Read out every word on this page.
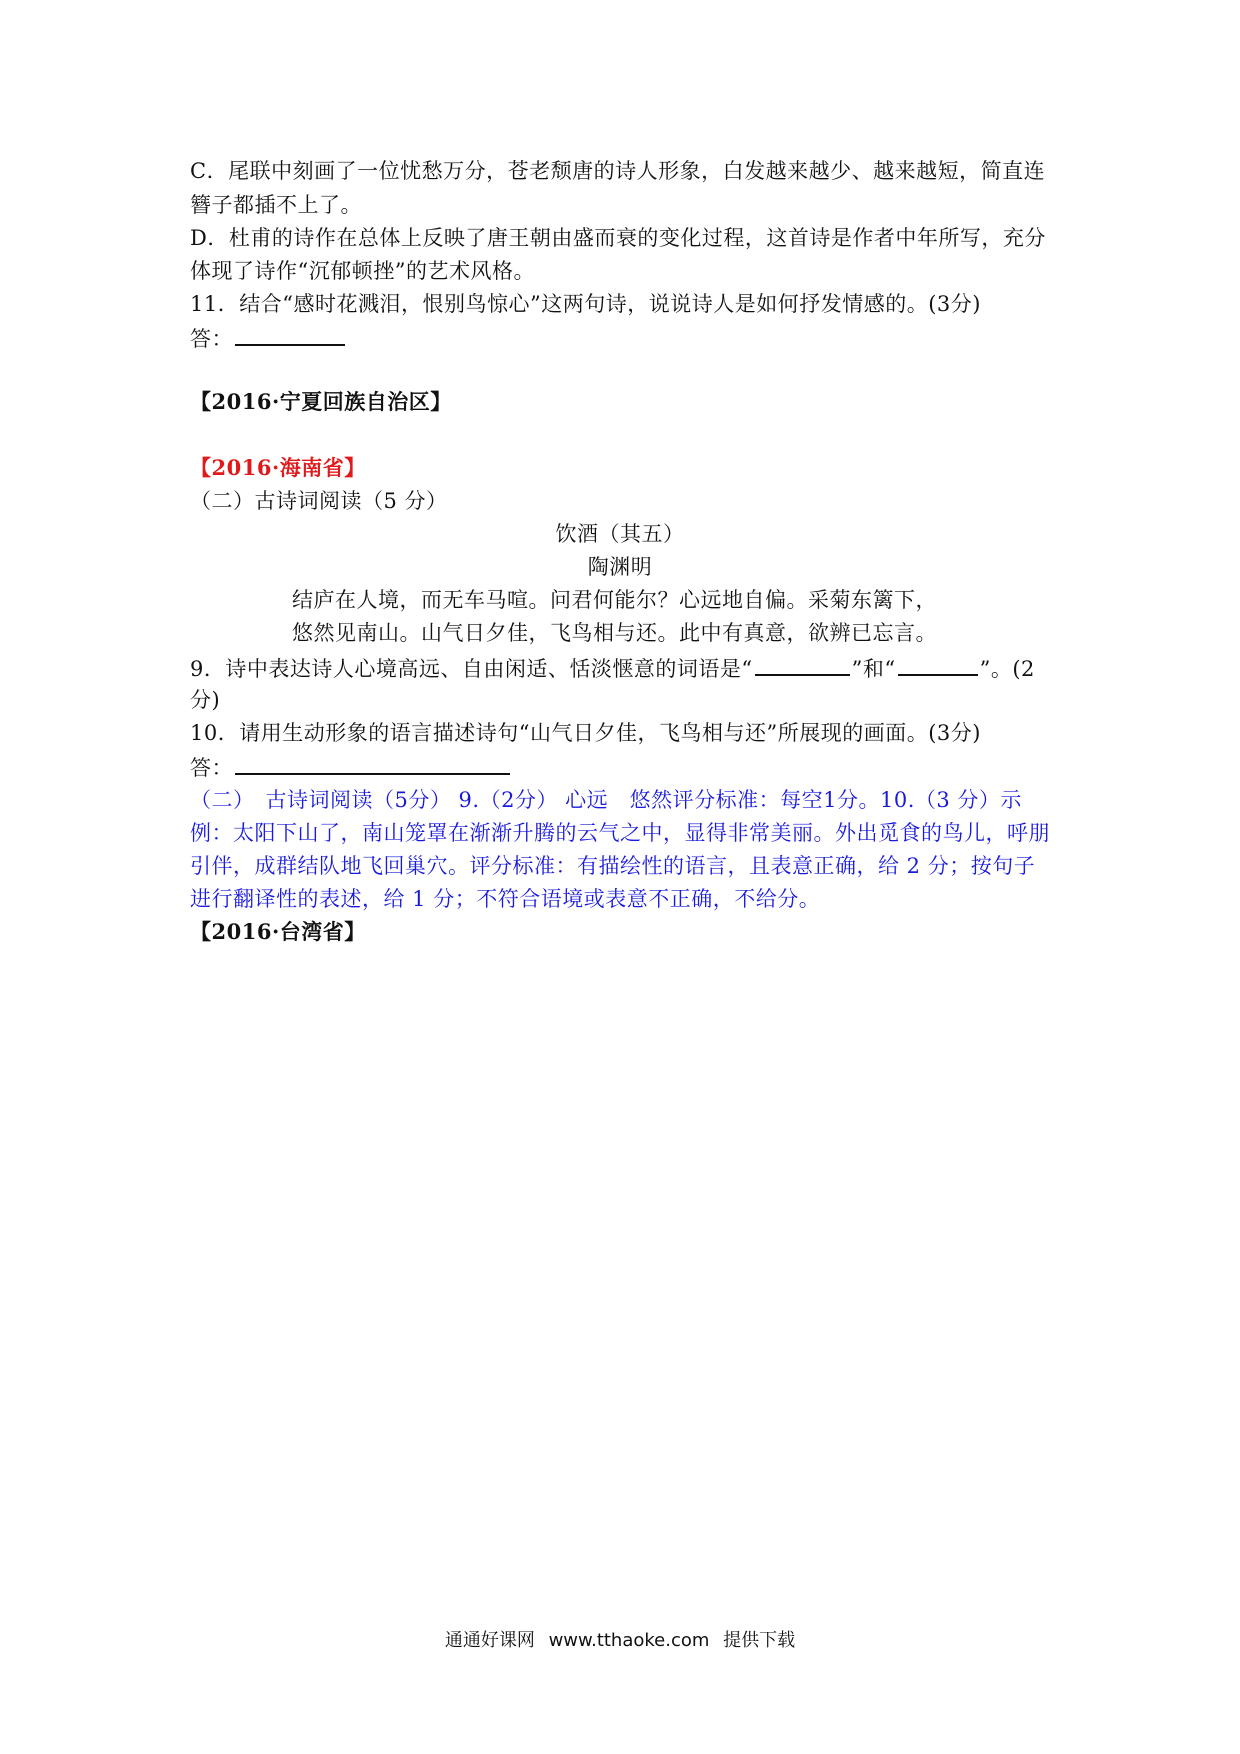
C．尾联中刻画了一位忧愁万分，苍老颓唐的诗人形象，白发越来越少、越来越短，简直连
簪子都插不上了。
D．杜甫的诗作在总体上反映了唐王朝由盛而衰的变化过程，这首诗是作者中年所写，充分
体现了诗作“沉郁顿挫”的艺术风格。
11．结合“感时花溅泪，恨别鸟惊心”这两句诗，说说诗人是如何抒发情感的。(3分)
答：
【2016·宁夏回族自治区】
【2016·海南省】
（二）古诗词阅读（5 分）
饮酒（其五）
陶渊明
结庐在人境，而无车马喧。问君何能尔？心远地自偏。采菊东篱下，
悠然见南山。山气日夕佳，飞鸟相与还。此中有真意，欲辨已忘言。
9．诗中表达诗人心境高远、自由闲适、恬淡惬意的词语是“	”和“	”。(2
分)
10．请用生动形象的语言描述诗句“山气日夕佳，飞鸟相与还”所展现的画面。(3分)
答：
（二）　古诗词阅读（5分） 9.（2分） 心远　悠然评分标准：每空1分。10.（3 分）示
例：太阳下山了，南山笼罩在渐渐升腾的云气之中，显得非常美丽。外出觅食的鸟儿，呼朋
引伴，成群结队地飞回巢穴。评分标准：有描绘性的语言，且表意正确，给 2 分；按句子
进行翻译性的表述，给 1 分；不符合语境或表意不正确，不给分。
【2016·台湾省】
通通好课网 www.tthaoke.com 提供下载
